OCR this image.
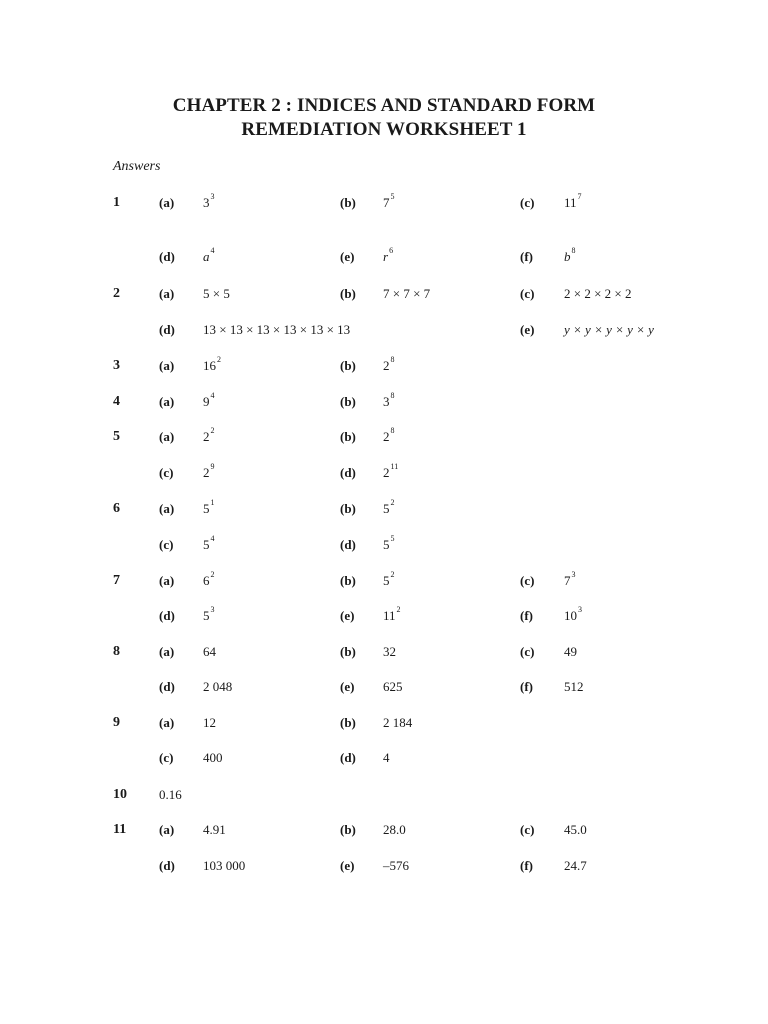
CHAPTER 2 : INDICES AND STANDARD FORM
REMEDIATION WORKSHEET 1
Answers
1	(a) $3^3$	(b) $7^5$	(c) $11^7$
(d) $a^4$	(e) $r^6$	(f) $b^8$
2	(a) 5 × 5	(b) 7 × 7 × 7	(c) 2 × 2 × 2 × 2
(d) 13 × 13 × 13 × 13 × 13 × 13	(e) y × y × y × y × y
3	(a) $16^2$	(b) $2^8$
4	(a) $9^4$	(b) $3^8$
5	(a) $2^2$	(b) $2^8$
(c) $2^9$	(d) $2^{11}$
6	(a) $5^1$	(b) $5^2$
(c) $5^4$	(d) $5^5$
7	(a) $6^2$	(b) $5^2$	(c) $7^3$
(d) $5^3$	(e) $11^2$	(f) $10^3$
8	(a) 64	(b) 32	(c) 49
(d) 2 048	(e) 625	(f) 512
9	(a) 12	(b) 2 184
(c) 400	(d) 4
10 0.16
11	(a) 4.91	(b) 28.0	(c) 45.0
(d) 103 000	(e) –576	(f) 24.7
